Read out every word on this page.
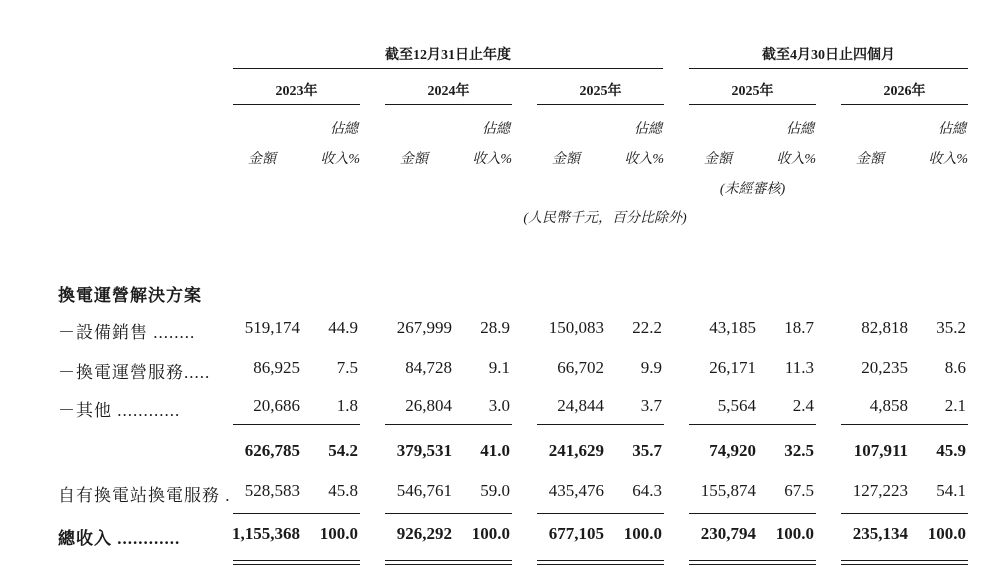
截至12月31日止年度	截至4月30日止四個月
2023年	2024年	2025年	2025年	2026年
佔總	佔總	佔總	佔總	佔總
金額	收入%	金額	收入%	金額	收入%	金額	收入%	金額	收入%
(未經審核)
(人民幣千元，百分比除外)
換電運營解決方案
－設備銷售 ........	519,174	44.9	267,999	28.9	150,083	22.2	43,185	18.7	82,818	35.2
－換電運營服務.....	86,925	7.5	84,728	9.1	66,702	9.9	26,171	11.3	20,235	8.6
－其他 ............	20,686	1.8	26,804	3.0	24,844	3.7	5,564	2.4	4,858	2.1
626,785	54.2	379,531	41.0	241,629	35.7	74,920	32.5	107,911	45.9
自有換電站換電服務 . 528,583	45.8	546,761	59.0	435,476	64.3	155,874	67.5	127,223	54.1
總收入 ............	1,155,368	100.0	926,292	100.0	677,105	100.0	230,794	100.0	235,134	100.0
